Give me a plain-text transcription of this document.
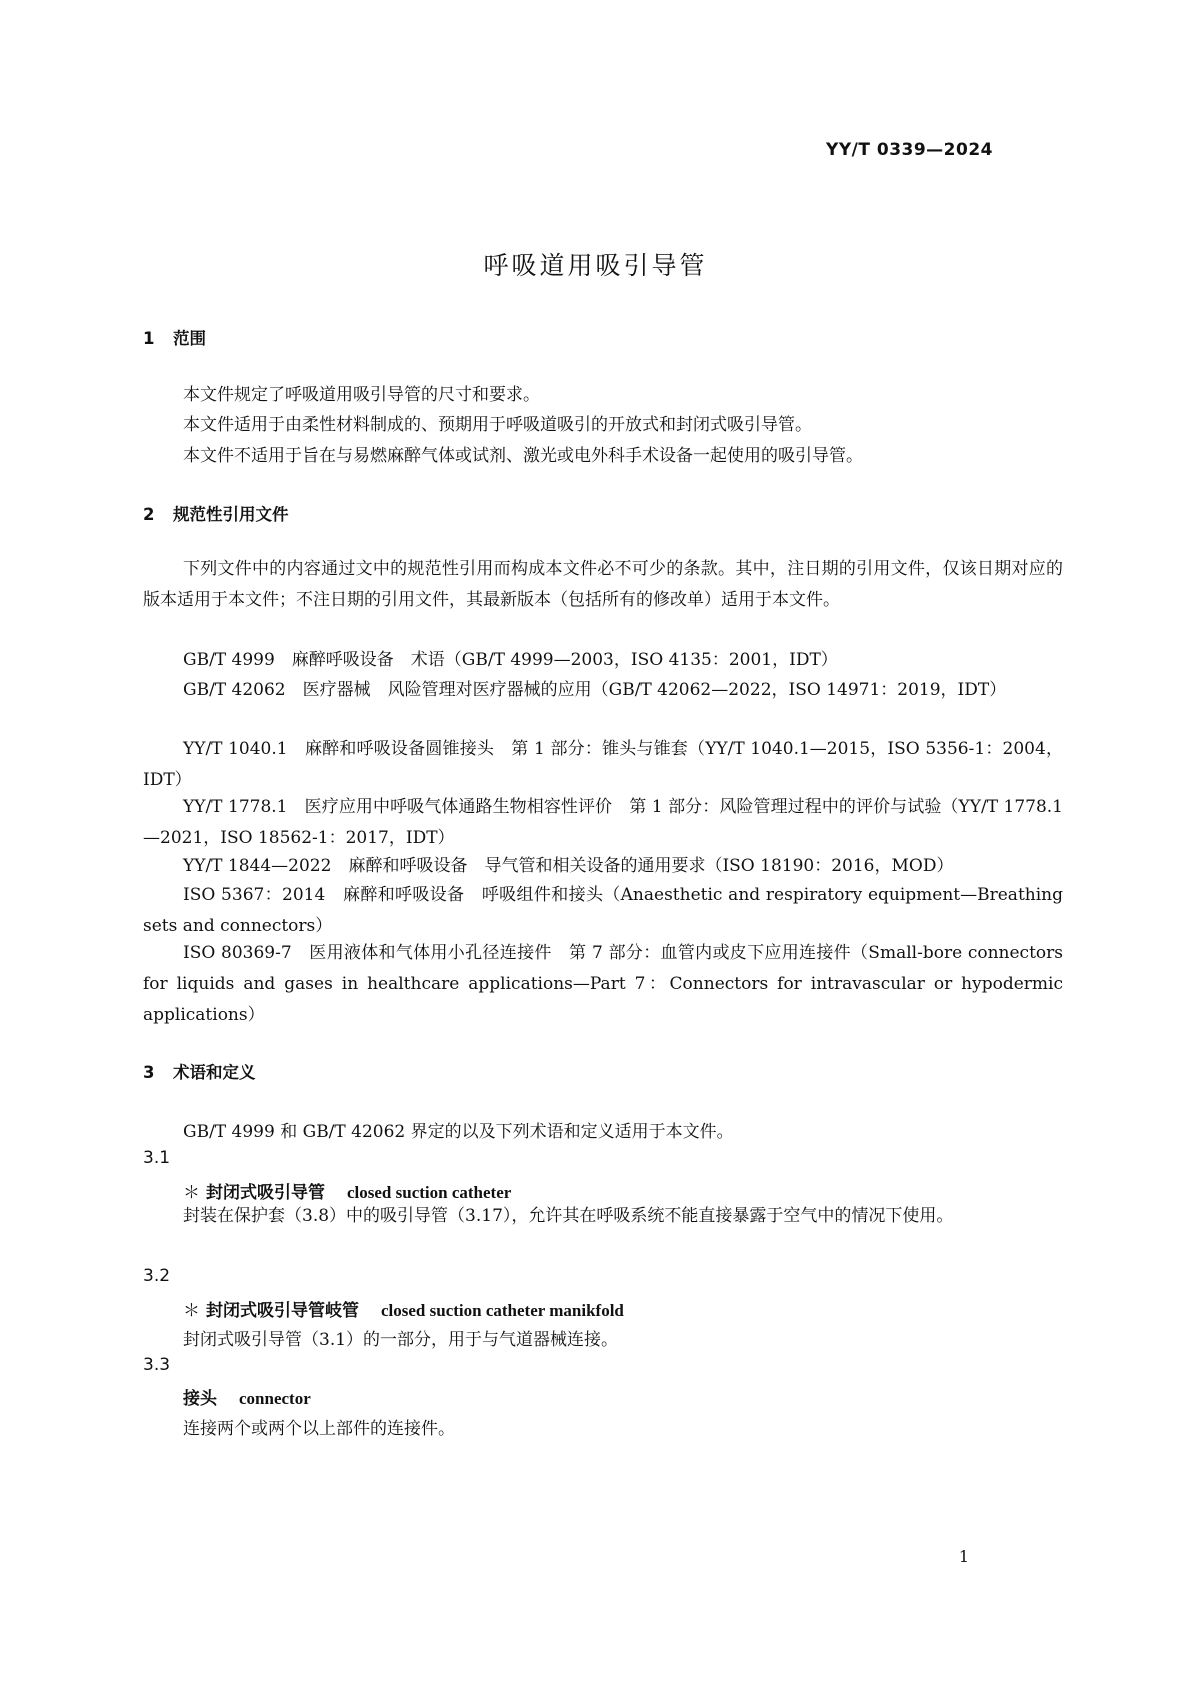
YY/T 0339—2024
呼吸道用吸引导管
1 范围
本文件规定了呼吸道用吸引导管的尺寸和要求。
本文件适用于由柔性材料制成的、预期用于呼吸道吸引的开放式和封闭式吸引导管。
本文件不适用于旨在与易燃麻醉气体或试剂、激光或电外科手术设备一起使用的吸引导管。
2 规范性引用文件
下列文件中的内容通过文中的规范性引用而构成本文件必不可少的条款。其中，注日期的引用文件，仅该日期对应的版本适用于本文件；不注日期的引用文件，其最新版本（包括所有的修改单）适用于本文件。
GB/T 4999　麻醉呼吸设备　术语（GB/T 4999—2003，ISO 4135：2001，IDT）
GB/T 42062　医疗器械　风险管理对医疗器械的应用（GB/T 42062—2022，ISO 14971：2019，IDT）
YY/T 1040.1　麻醉和呼吸设备圆锥接头　第 1 部分：锥头与锥套（YY/T 1040.1—2015，ISO 5356-1：2004，IDT）
YY/T 1778.1　医疗应用中呼吸气体通路生物相容性评价　第 1 部分：风险管理过程中的评价与试验（YY/T 1778.1—2021，ISO 18562-1：2017，IDT）
YY/T 1844—2022　麻醉和呼吸设备　导气管和相关设备的通用要求（ISO 18190：2016，MOD）
ISO 5367：2014　麻醉和呼吸设备　呼吸组件和接头（Anaesthetic and respiratory equipment—Breathing sets and connectors）
ISO 80369-7　医用液体和气体用小孔径连接件　第 7 部分：血管内或皮下应用连接件（Small-bore connectors for liquids and gases in healthcare applications—Part 7：Connectors for intravascular or hypodermic applications）
3 术语和定义
GB/T 4999 和 GB/T 42062 界定的以及下列术语和定义适用于本文件。
3.1
＊ 封闭式吸引导管 closed suction catheter
封装在保护套（3.8）中的吸引导管（3.17），允许其在呼吸系统不能直接暴露于空气中的情况下使用。
3.2
＊ 封闭式吸引导管岐管 closed suction catheter manikfold
封闭式吸引导管（3.1）的一部分，用于与气道器械连接。
3.3
接头 connector
连接两个或两个以上部件的连接件。
1
